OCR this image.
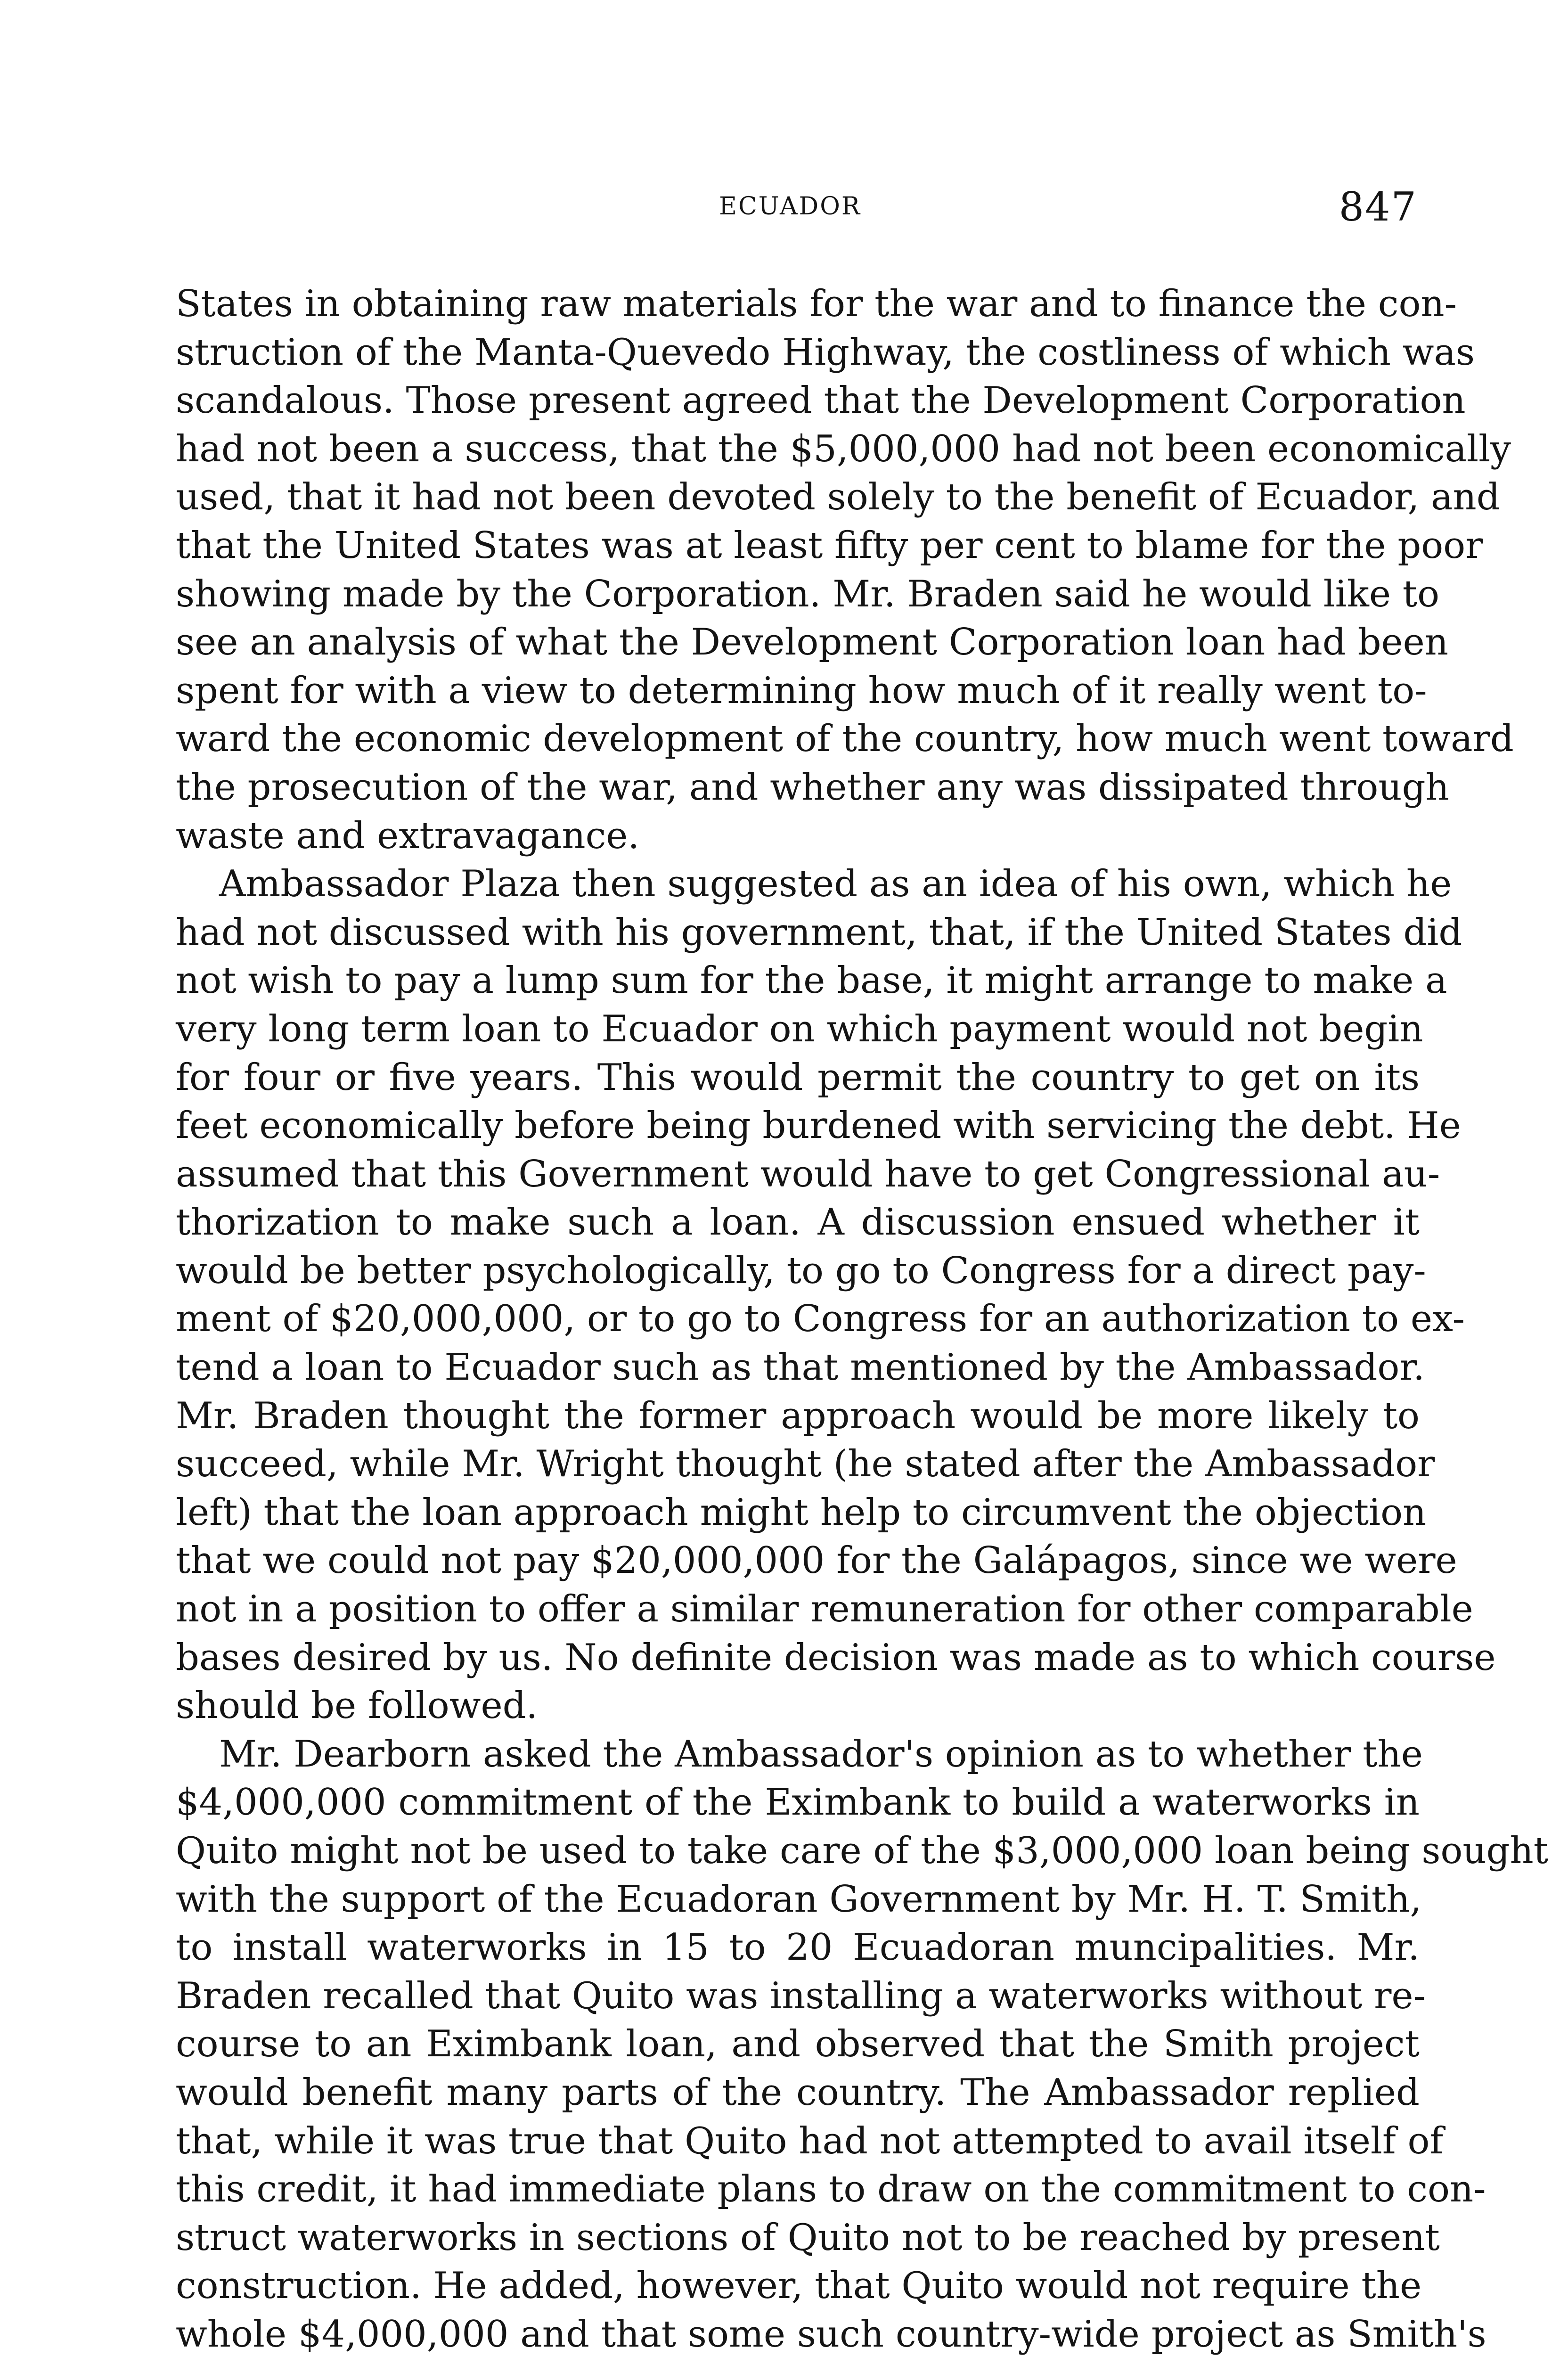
ECUADOR	847
States in obtaining raw materials for the war and to finance the con-
struction of the Manta-Quevedo Highway, the costliness of which was
scandalous. Those present agreed that the Development Corporation
had not been a success, that the $5,000,000 had not been economically
used, that it had not been devoted solely to the benefit of Ecuador, and
that the United States was at least fifty per cent to blame for the poor
showing made by the Corporation. Mr. Braden said he would like to
see an analysis of what the Development Corporation loan had been
spent for with a view to determining how much of it really went to-
ward the economic development of the country, how much went toward
the prosecution of the war, and whether any was dissipated through
waste and extravagance.
Ambassador Plaza then suggested as an idea of his own, which he
had not discussed with his government, that, if the United States did
not wish to pay a lump sum for the base, it might arrange to make a
very long term loan to Ecuador on which payment would not begin
for four or five years. This would permit the country to get on its
feet economically before being burdened with servicing the debt. He
assumed that this Government would have to get Congressional au-
thorization to make such a loan. A discussion ensued whether it
would be better psychologically, to go to Congress for a direct pay-
ment of $20,000,000, or to go to Congress for an authorization to ex-
tend a loan to Ecuador such as that mentioned by the Ambassador.
Mr. Braden thought the former approach would be more likely to
succeed, while Mr. Wright thought (he stated after the Ambassador
left) that the loan approach might help to circumvent the objection
that we could not pay $20,000,000 for the Galápagos, since we were
not in a position to offer a similar remuneration for other comparable
bases desired by us. No definite decision was made as to which course
should be followed.
Mr. Dearborn asked the Ambassador's opinion as to whether the
$4,000,000 commitment of the Eximbank to build a waterworks in
Quito might not be used to take care of the $3,000,000 loan being sought
with the support of the Ecuadoran Government by Mr. H. T. Smith,
to install waterworks in 15 to 20 Ecuadoran muncipalities. Mr.
Braden recalled that Quito was installing a waterworks without re-
course to an Eximbank loan, and observed that the Smith project
would benefit many parts of the country. The Ambassador replied
that, while it was true that Quito had not attempted to avail itself of
this credit, it had immediate plans to draw on the commitment to con-
struct waterworks in sections of Quito not to be reached by present
construction. He added, however, that Quito would not require the
whole $4,000,000 and that some such country-wide project as Smith's
